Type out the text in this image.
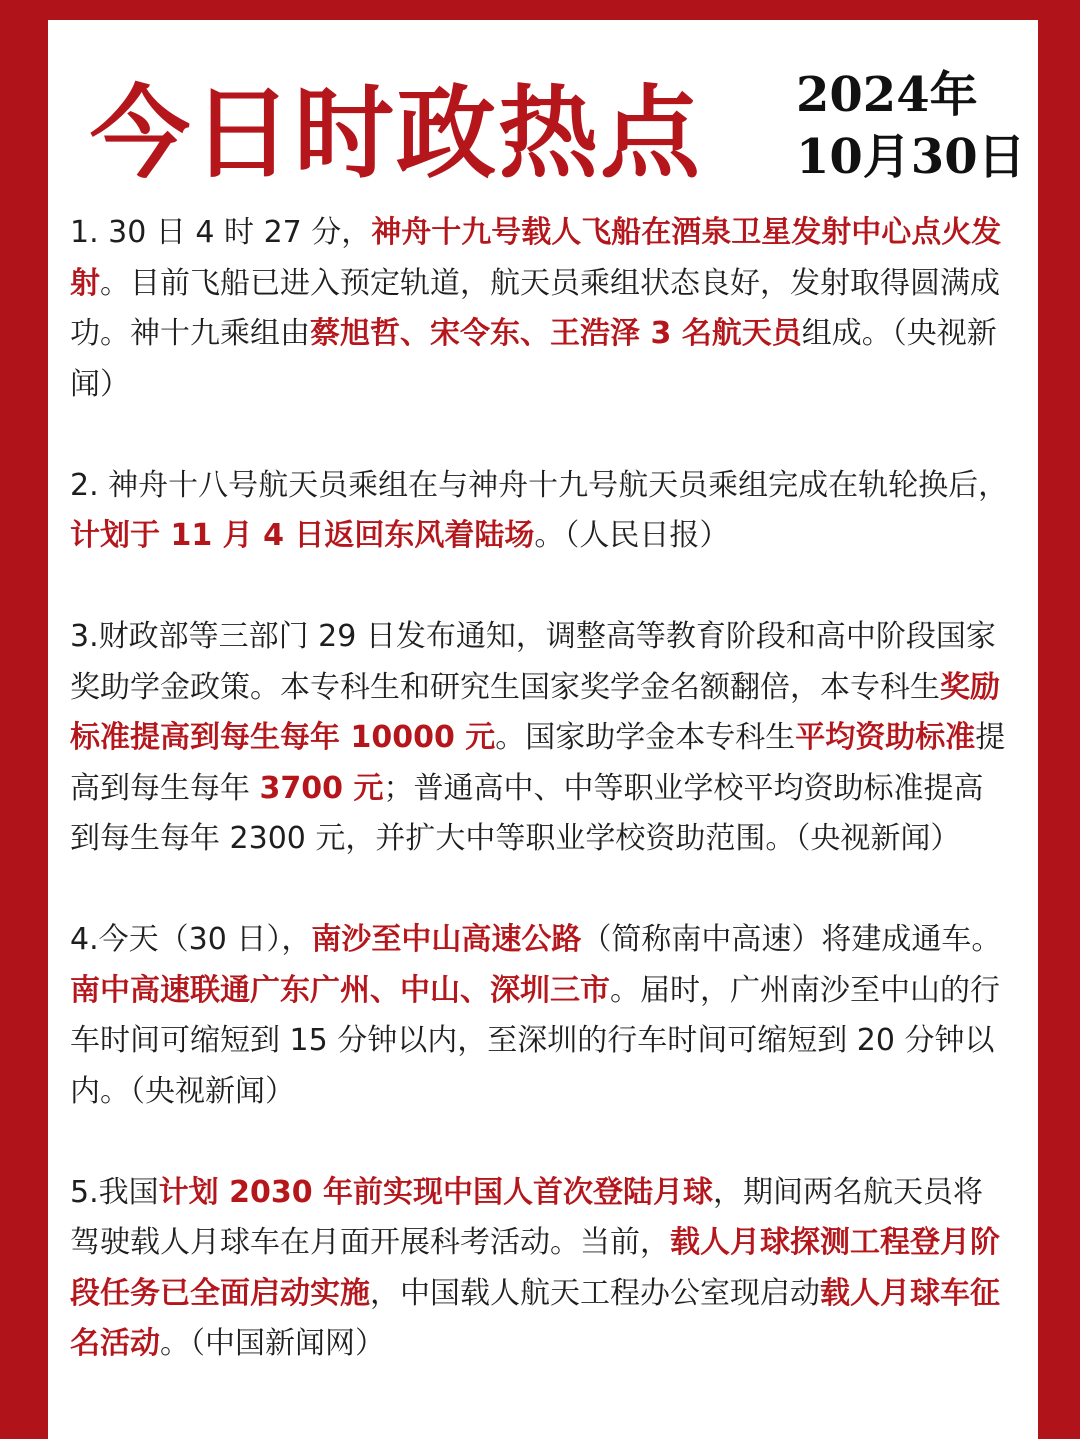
今日时政热点 2024年
10月30日

1. 30 日 4 时 27 分，神舟十九号载人飞船在酒泉卫星发射中心点火发射。目前飞船已进入预定轨道，航天员乘组状态良好，发射取得圆满成功。神十九乘组由蔡旭哲、宋令东、王浩泽 3 名航天员组成。（央视新闻）

2. 神舟十八号航天员乘组在与神舟十九号航天员乘组完成在轨轮换后，计划于 11 月 4 日返回东风着陆场。（人民日报）

3.财政部等三部门 29 日发布通知，调整高等教育阶段和高中阶段国家奖助学金政策。本专科生和研究生国家奖学金名额翻倍，本专科生奖励标准提高到每生每年 10000 元。国家助学金本专科生平均资助标准提高到每生每年 3700 元；普通高中、中等职业学校平均资助标准提高到每生每年 2300 元，并扩大中等职业学校资助范围。（央视新闻）

4.今天（30 日），南沙至中山高速公路（简称南中高速）将建成通车。南中高速联通广东广州、中山、深圳三市。届时，广州南沙至中山的行车时间可缩短到 15 分钟以内，至深圳的行车时间可缩短到 20 分钟以内。（央视新闻）

5.我国计划 2030 年前实现中国人首次登陆月球，期间两名航天员将驾驶载人月球车在月面开展科考活动。当前，载人月球探测工程登月阶段任务已全面启动实施，中国载人航天工程办公室现启动载人月球车征名活动。（中国新闻网）
